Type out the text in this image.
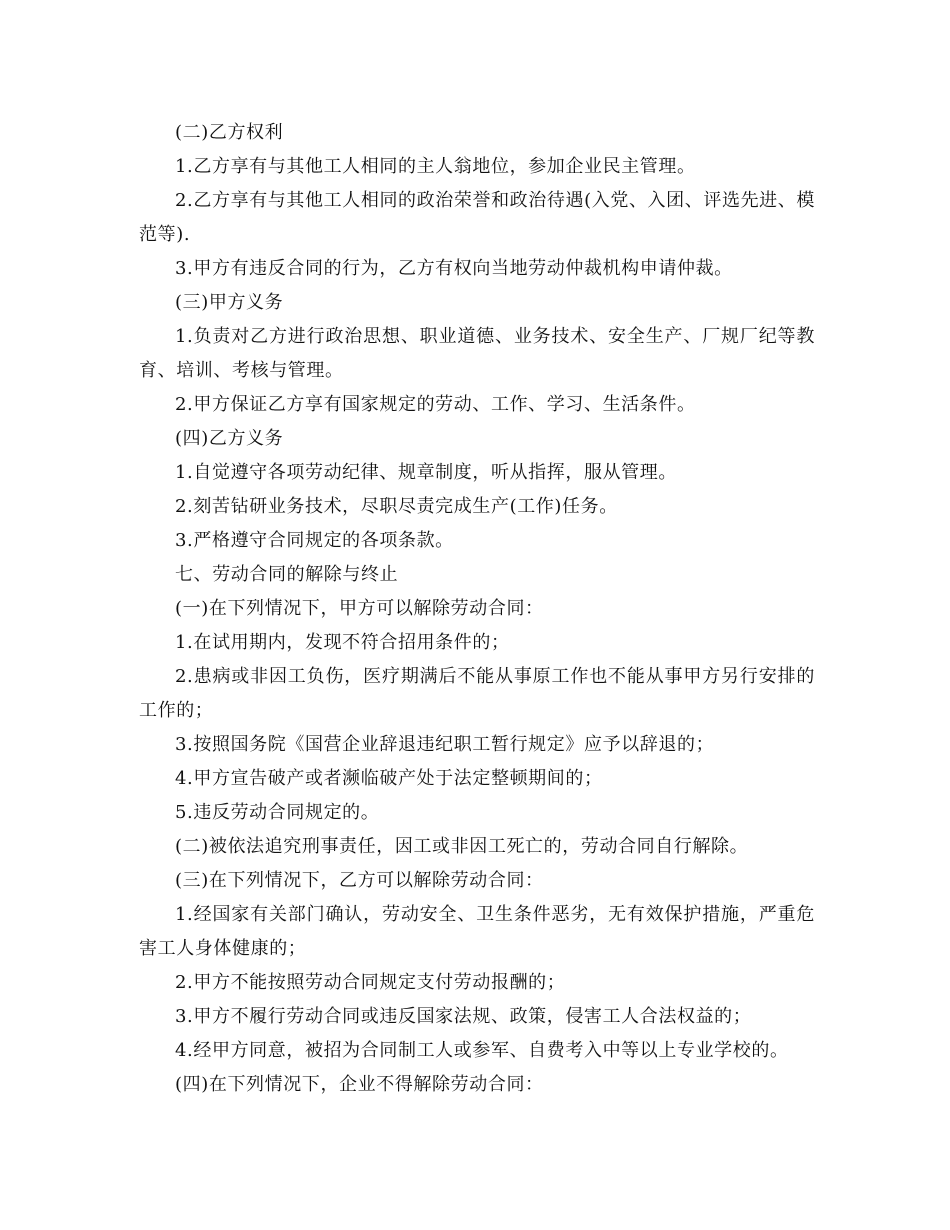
(二)乙方权利

1.乙方享有与其他工人相同的主人翁地位，参加企业民主管理。

2.乙方享有与其他工人相同的政治荣誉和政治待遇(入党、入团、评选先进、模范等).

3.甲方有违反合同的行为，乙方有权向当地劳动仲裁机构申请仲裁。

(三)甲方义务

1.负责对乙方进行政治思想、职业道德、业务技术、安全生产、厂规厂纪等教育、培训、考核与管理。

2.甲方保证乙方享有国家规定的劳动、工作、学习、生活条件。

(四)乙方义务

1.自觉遵守各项劳动纪律、规章制度，听从指挥，服从管理。

2.刻苦钻研业务技术，尽职尽责完成生产(工作)任务。

3.严格遵守合同规定的各项条款。

七、劳动合同的解除与终止

(一)在下列情况下，甲方可以解除劳动合同：

1.在试用期内，发现不符合招用条件的；

2.患病或非因工负伤，医疗期满后不能从事原工作也不能从事甲方另行安排的工作的；

3.按照国务院《国营企业辞退违纪职工暂行规定》应予以辞退的；

4.甲方宣告破产或者濒临破产处于法定整顿期间的；

5.违反劳动合同规定的。

(二)被依法追究刑事责任，因工或非因工死亡的，劳动合同自行解除。

(三)在下列情况下，乙方可以解除劳动合同：

1.经国家有关部门确认，劳动安全、卫生条件恶劣，无有效保护措施，严重危害工人身体健康的；

2.甲方不能按照劳动合同规定支付劳动报酬的；

3.甲方不履行劳动合同或违反国家法规、政策，侵害工人合法权益的；

4.经甲方同意，被招为合同制工人或参军、自费考入中等以上专业学校的。

(四)在下列情况下，企业不得解除劳动合同：
